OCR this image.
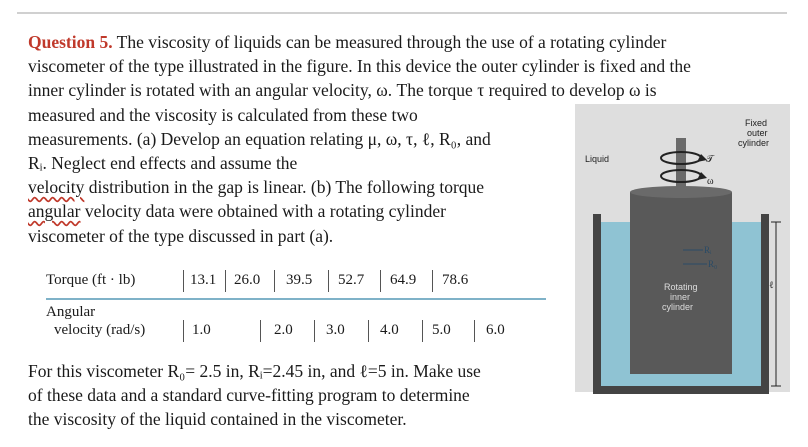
Question 5. The viscosity of liquids can be measured through the use of a rotating cylinder
viscometer of the type illustrated in the figure. In this device the outer cylinder is fixed and the
inner cylinder is rotated with an angular velocity, ω. The torque τ required to develop ω is
measured and the viscosity is calculated from these two
measurements. (a) Develop an equation relating μ, ω, τ, ℓ, R₀, and
Rᵢ. Neglect end effects and assume the
velocity distribution in the gap is linear. (b) The following torque
angular velocity data were obtained with a rotating cylinder
viscometer of the type discussed in part (a).
Torque (ft · lb)
Angular
velocity (rad/s)
13.1 26.0 39.5 52.7 64.9 78.6
1.0	2.0 3.0 4.0 5.0 6.0
For this viscometer R₀= 2.5 in, Rᵢ=2.45 in, and ℓ=5 in. Make use
of these data and a standard curve-fitting program to determine
the viscosity of the liquid contained in the viscometer.
Fixed
outer
cylinder
Liquid	𝒯
ω
Rᵢ
R₀
Rotating
inner
cylinder
ℓ
